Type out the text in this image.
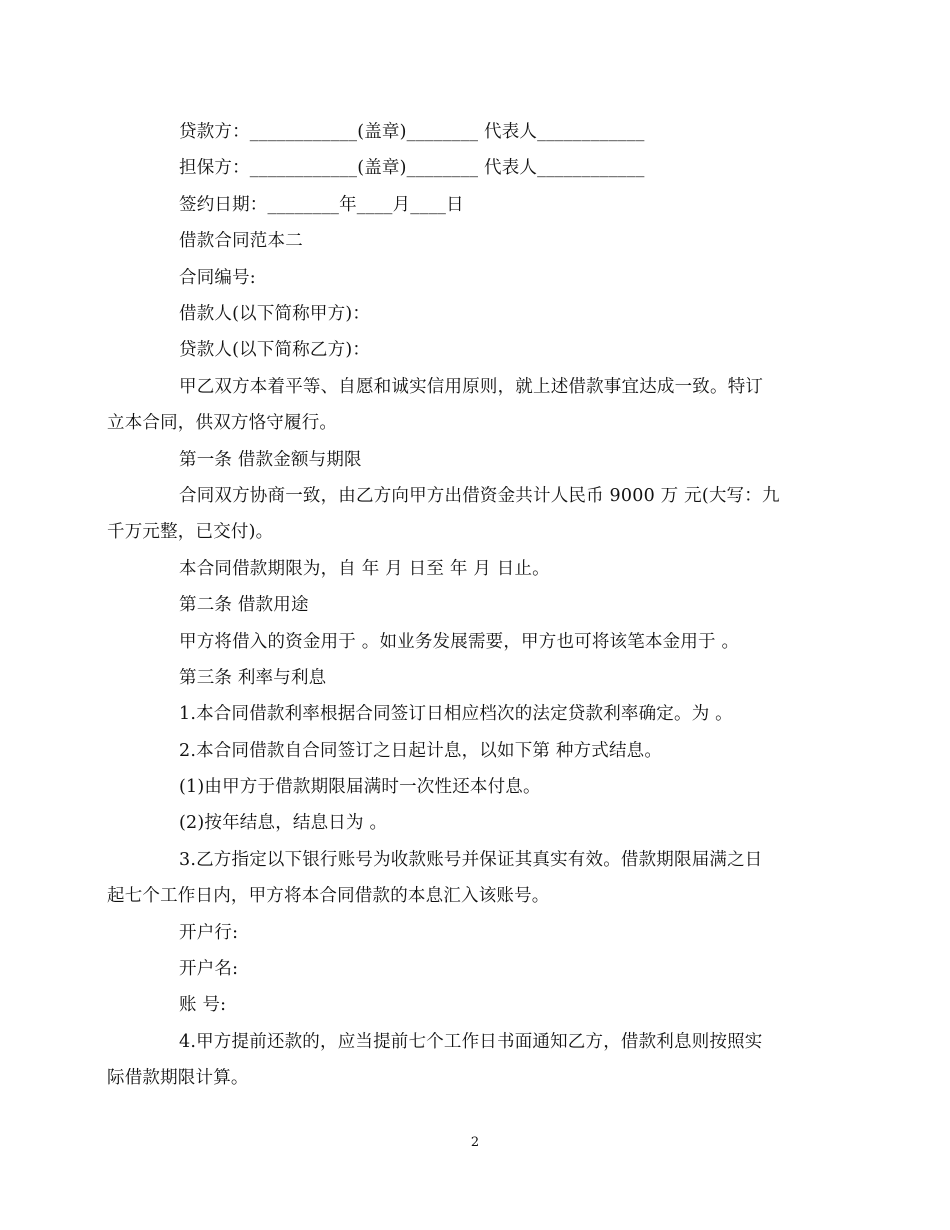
贷款方：____________(盖章)________ 代表人____________
担保方：____________(盖章)________ 代表人____________
签约日期：________年____月____日
借款合同范本二
合同编号:
借款人(以下简称甲方)：
贷款人(以下简称乙方)：
甲乙双方本着平等、自愿和诚实信用原则，就上述借款事宜达成一致。特订
立本合同，供双方恪守履行。
第一条 借款金额与期限
合同双方协商一致，由乙方向甲方出借资金共计人民币 9000 万 元(大写：九
千万元整，已交付)。
本合同借款期限为，自 年 月 日至 年 月 日止。
第二条 借款用途
甲方将借入的资金用于 。如业务发展需要，甲方也可将该笔本金用于 。
第三条 利率与利息
1.本合同借款利率根据合同签订日相应档次的法定贷款利率确定。为 。
2.本合同借款自合同签订之日起计息，以如下第 种方式结息。
(1)由甲方于借款期限届满时一次性还本付息。
(2)按年结息，结息日为 。
3.乙方指定以下银行账号为收款账号并保证其真实有效。借款期限届满之日
起七个工作日内，甲方将本合同借款的本息汇入该账号。
开户行:
开户名:
账 号:
4.甲方提前还款的，应当提前七个工作日书面通知乙方，借款利息则按照实
际借款期限计算。
2
